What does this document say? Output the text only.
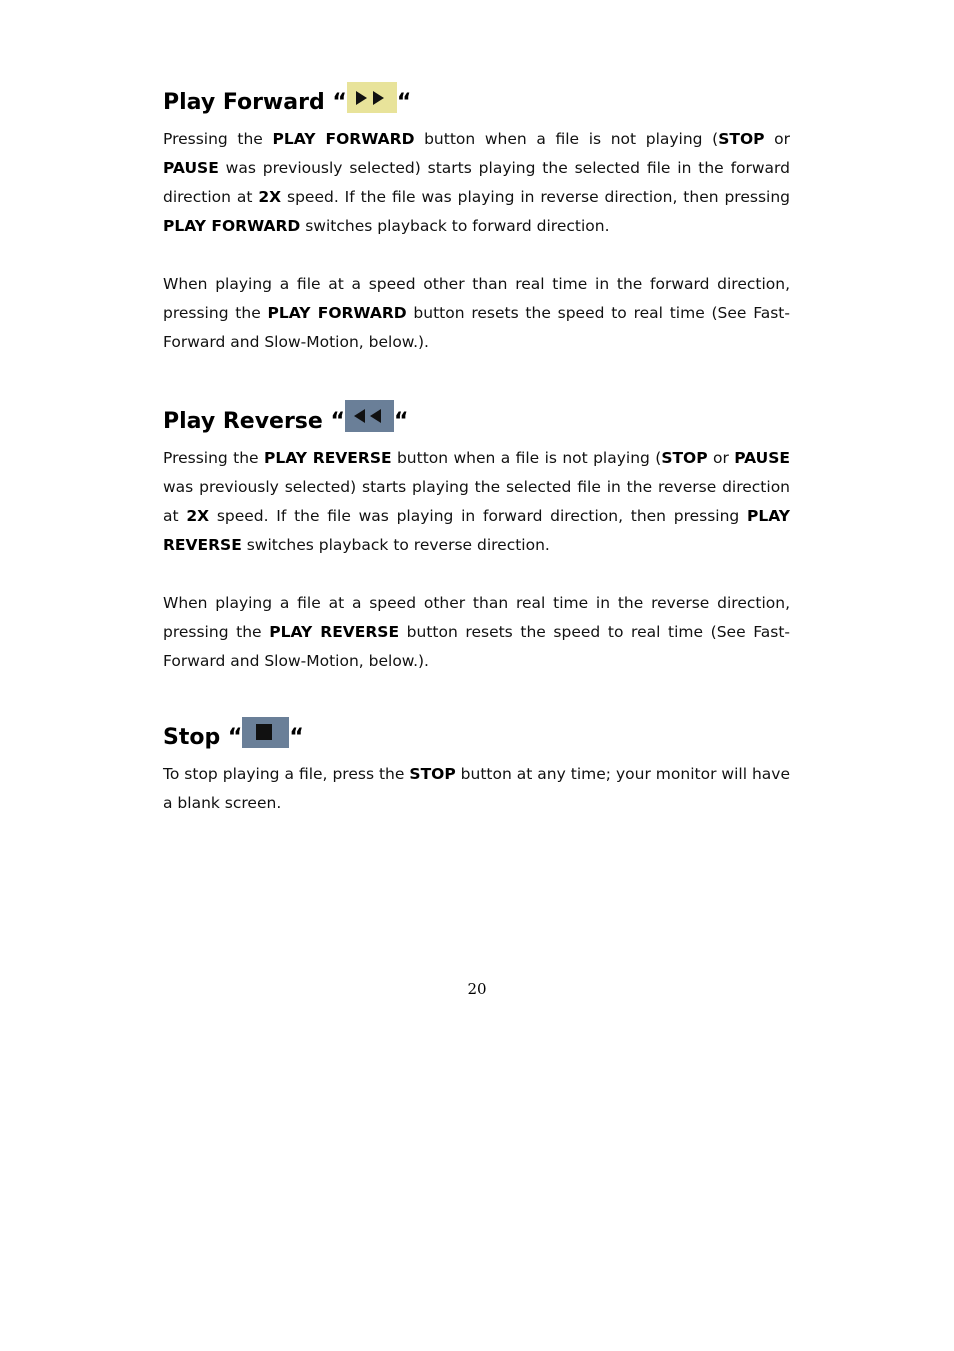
Play Forward “ “

Pressing the PLAY FORWARD button when a file is not playing (STOP or PAUSE was previously selected) starts playing the selected file in the forward direction at 2X speed. If the file was playing in reverse direction, then pressing PLAY FORWARD switches playback to forward direction.

When playing a file at a speed other than real time in the forward direction, pressing the PLAY FORWARD button resets the speed to real time (See Fast-Forward and Slow-Motion, below.).

Play Reverse “ “

Pressing the PLAY REVERSE button when a file is not playing (STOP or PAUSE was previously selected) starts playing the selected file in the reverse direction at 2X speed. If the file was playing in forward direction, then pressing PLAY REVERSE switches playback to reverse direction.

When playing a file at a speed other than real time in the reverse direction, pressing the PLAY REVERSE button resets the speed to real time (See Fast-Forward and Slow-Motion, below.).

Stop “ “

To stop playing a file, press the STOP button at any time; your monitor will have a blank screen.

20
